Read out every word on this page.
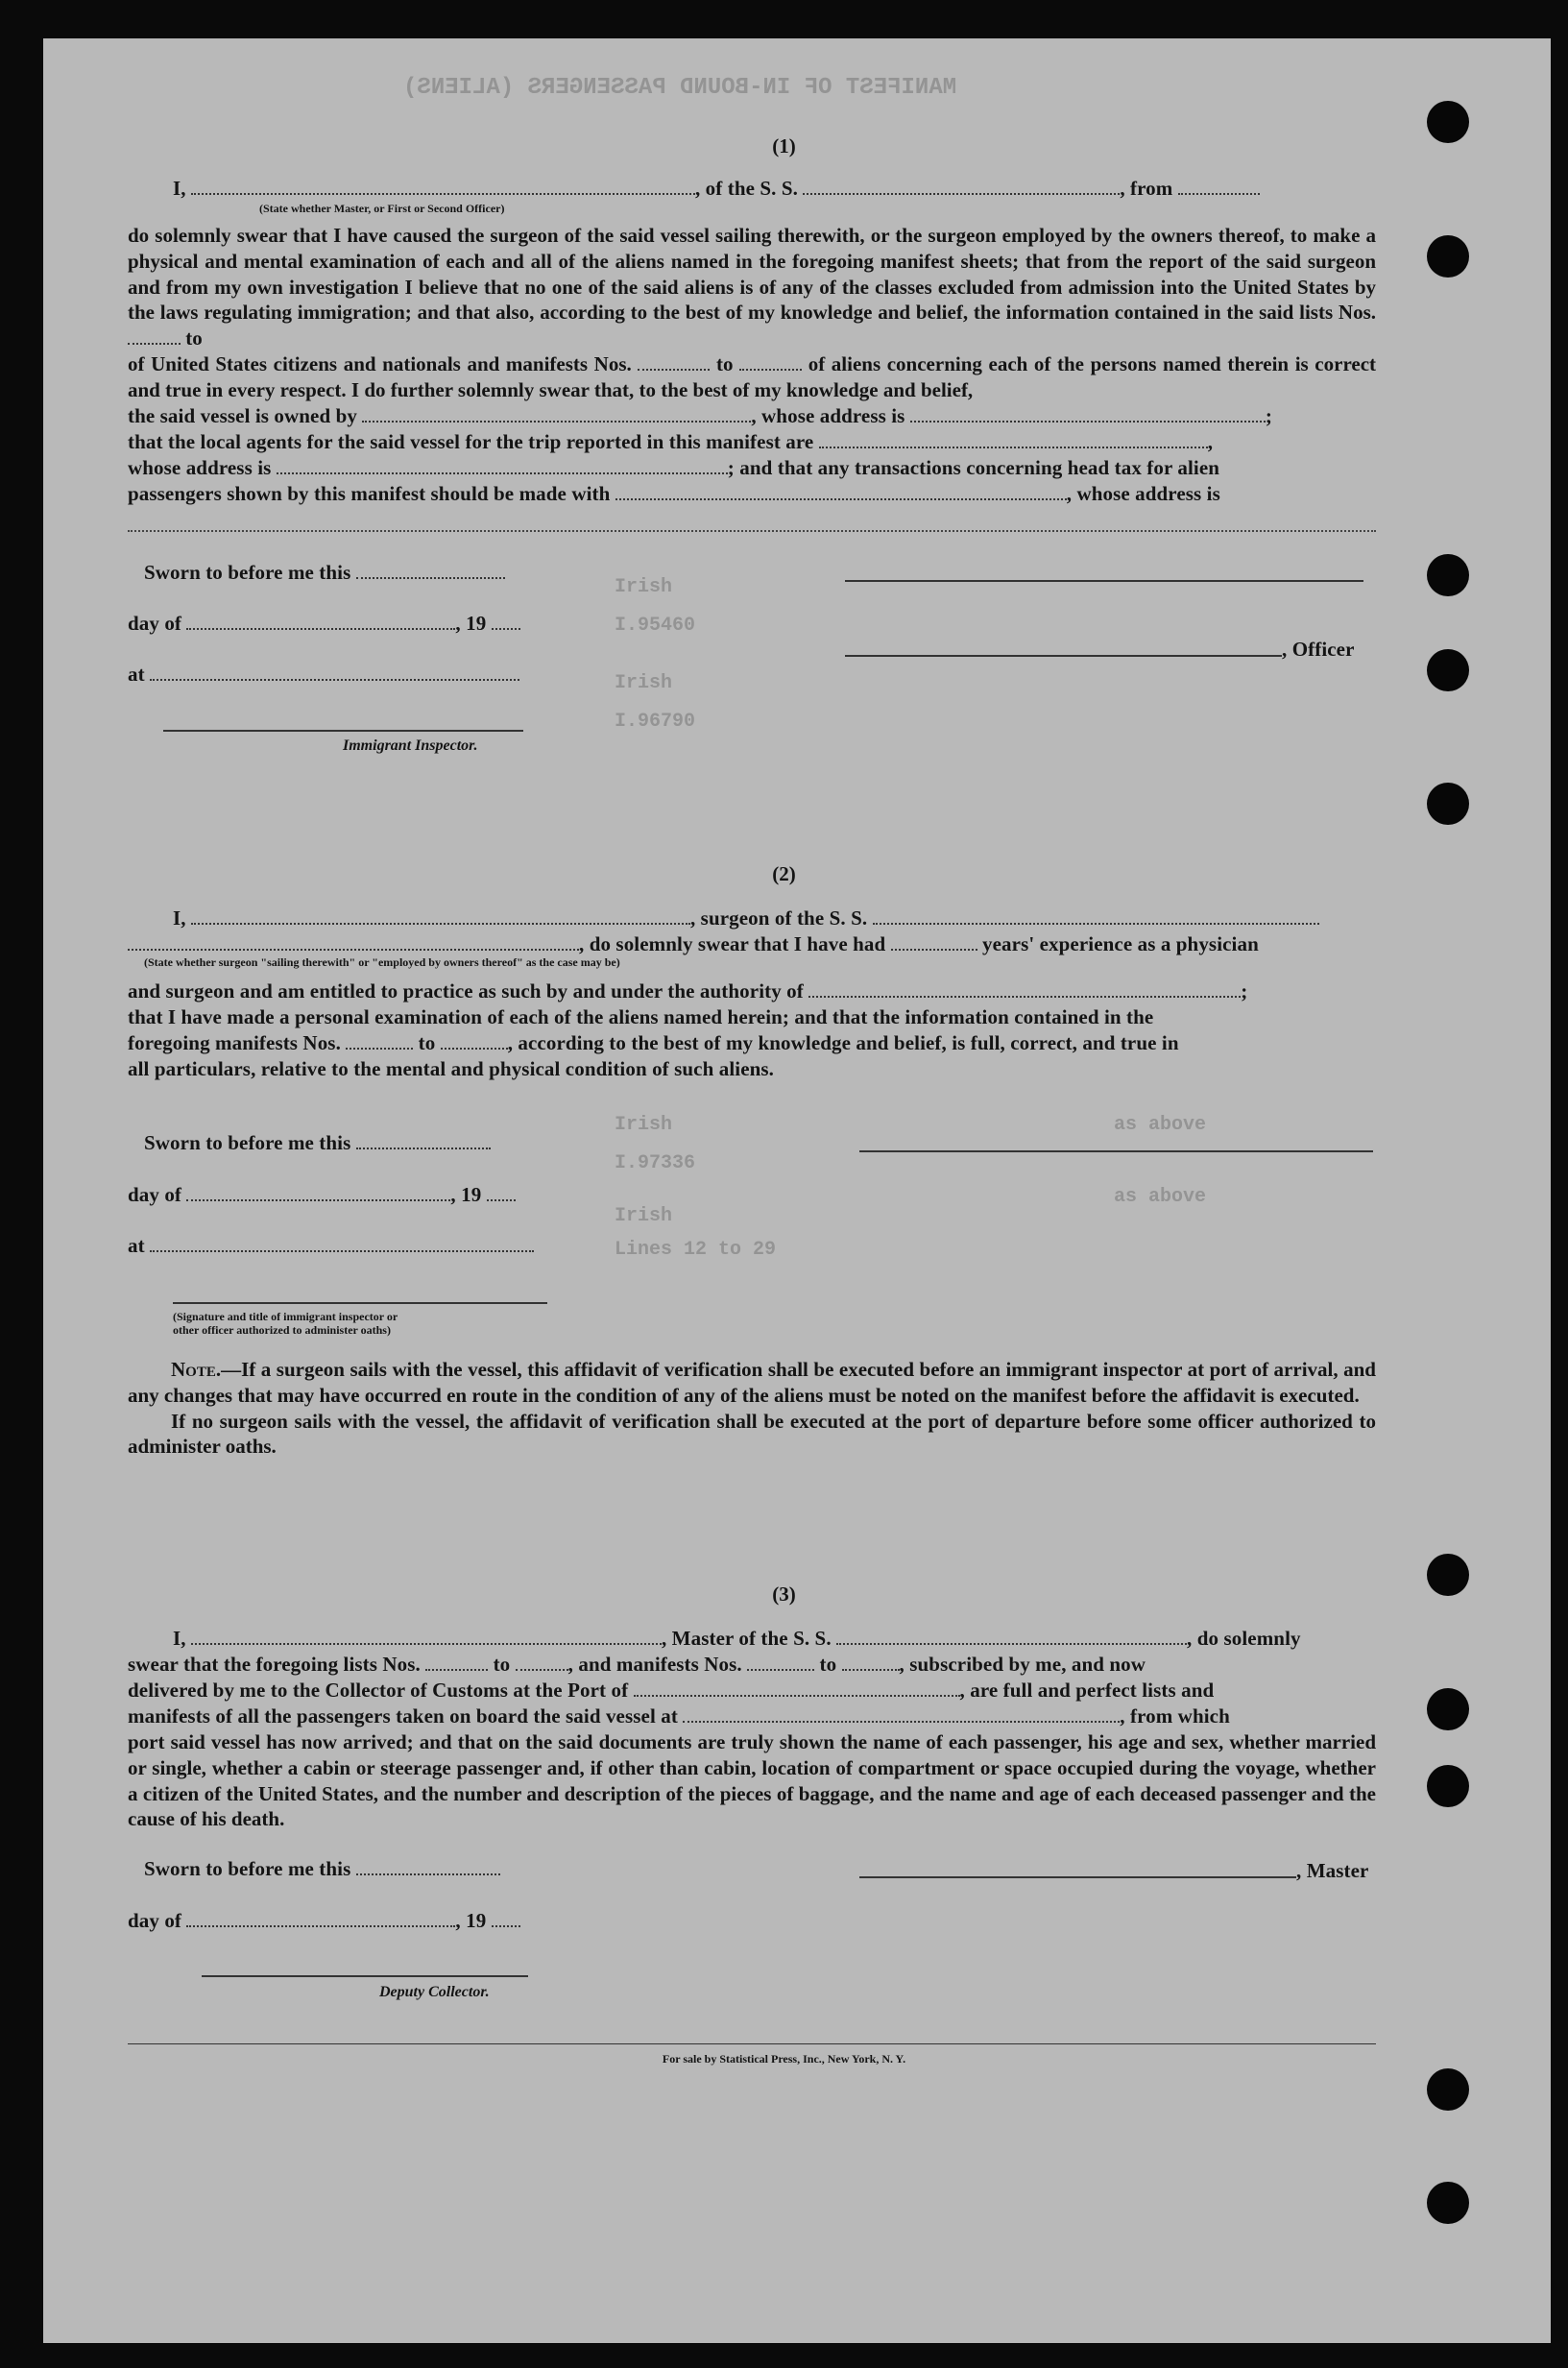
MANIFEST OF IN-BOUND PASSENGERS (ALIENS)
Irish
I.95460
Irish
I.96790
Irish
I.97336
Irish
Lines 12 to 29
as above
as above
(1)
I,	, of the S. S.	, from
(State whether Master, or First or Second Officer)

do solemnly swear that I have caused the surgeon of the said vessel sailing therewith, or the surgeon employed by the owners thereof, to make a physical and mental examination of each and all of the aliens named in the foregoing manifest sheets; that from the report of the said surgeon and from my own investigation I believe that no one of the said aliens is of any of the classes excluded from admission into the United States by the laws regulating immigration; and that also, according to the best of my knowledge and belief, the information contained in the said lists Nos.  to

of United States citizens and nationals and manifests Nos.	to	of aliens concerning each of the persons named therein is correct and true in every respect. I do further solemnly swear that, to the best of my knowledge and belief,

the said vessel is owned by	, whose address is	;
that the local agents for the said vessel for the trip reported in this manifest are	,
whose address is	; and that any transactions concerning head tax for alien
passengers shown by this manifest should be made with	, whose address is
Sworn to before me this
day of	, 19
, Officer
at
Immigrant Inspector.
(2)
I,	, surgeon of the S. S.
, do solemnly swear that I have had	years' experience as a physician
(State whether surgeon "sailing therewith" or "employed by owners thereof" as the case may be)
and surgeon and am entitled to practice as such by and under the authority of	;
that I have made a personal examination of each of the aliens named herein; and that the information contained in the
foregoing manifests Nos.	to	, according to the best of my knowledge and belief, is full, correct, and true in
all particulars, relative to the mental and physical condition of such aliens.
Sworn to before me this
day of	, 19
at
(Signature and title of immigrant inspector or
other officer authorized to administer oaths)

Note.—If a surgeon sails with the vessel, this affidavit of verification shall be executed before an immigrant inspector at port of arrival, and any changes that may have occurred en route in the condition of any of the aliens must be noted on the manifest before the affidavit is executed.

If no surgeon sails with the vessel, the affidavit of verification shall be executed at the port of departure before some officer authorized to administer oaths.

(3)
I,	, Master of the S. S.	, do solemnly
swear that the foregoing lists Nos.	to	, and manifests Nos.	to	, subscribed by me, and now
delivered by me to the Collector of Customs at the Port of	, are full and perfect lists and
manifests of all the passengers taken on board the said vessel at	, from which

port said vessel has now arrived; and that on the said documents are truly shown the name of each passenger, his age and sex, whether married or single, whether a cabin or steerage passenger and, if other than cabin, location of compartment or space occupied during the voyage, whether a citizen of the United States, and the number and description of the pieces of baggage, and the name and age of each deceased passenger and the cause of his death.

Sworn to before me this	, Master
day of	, 19
Deputy Collector.
For sale by Statistical Press, Inc., New York, N. Y.
